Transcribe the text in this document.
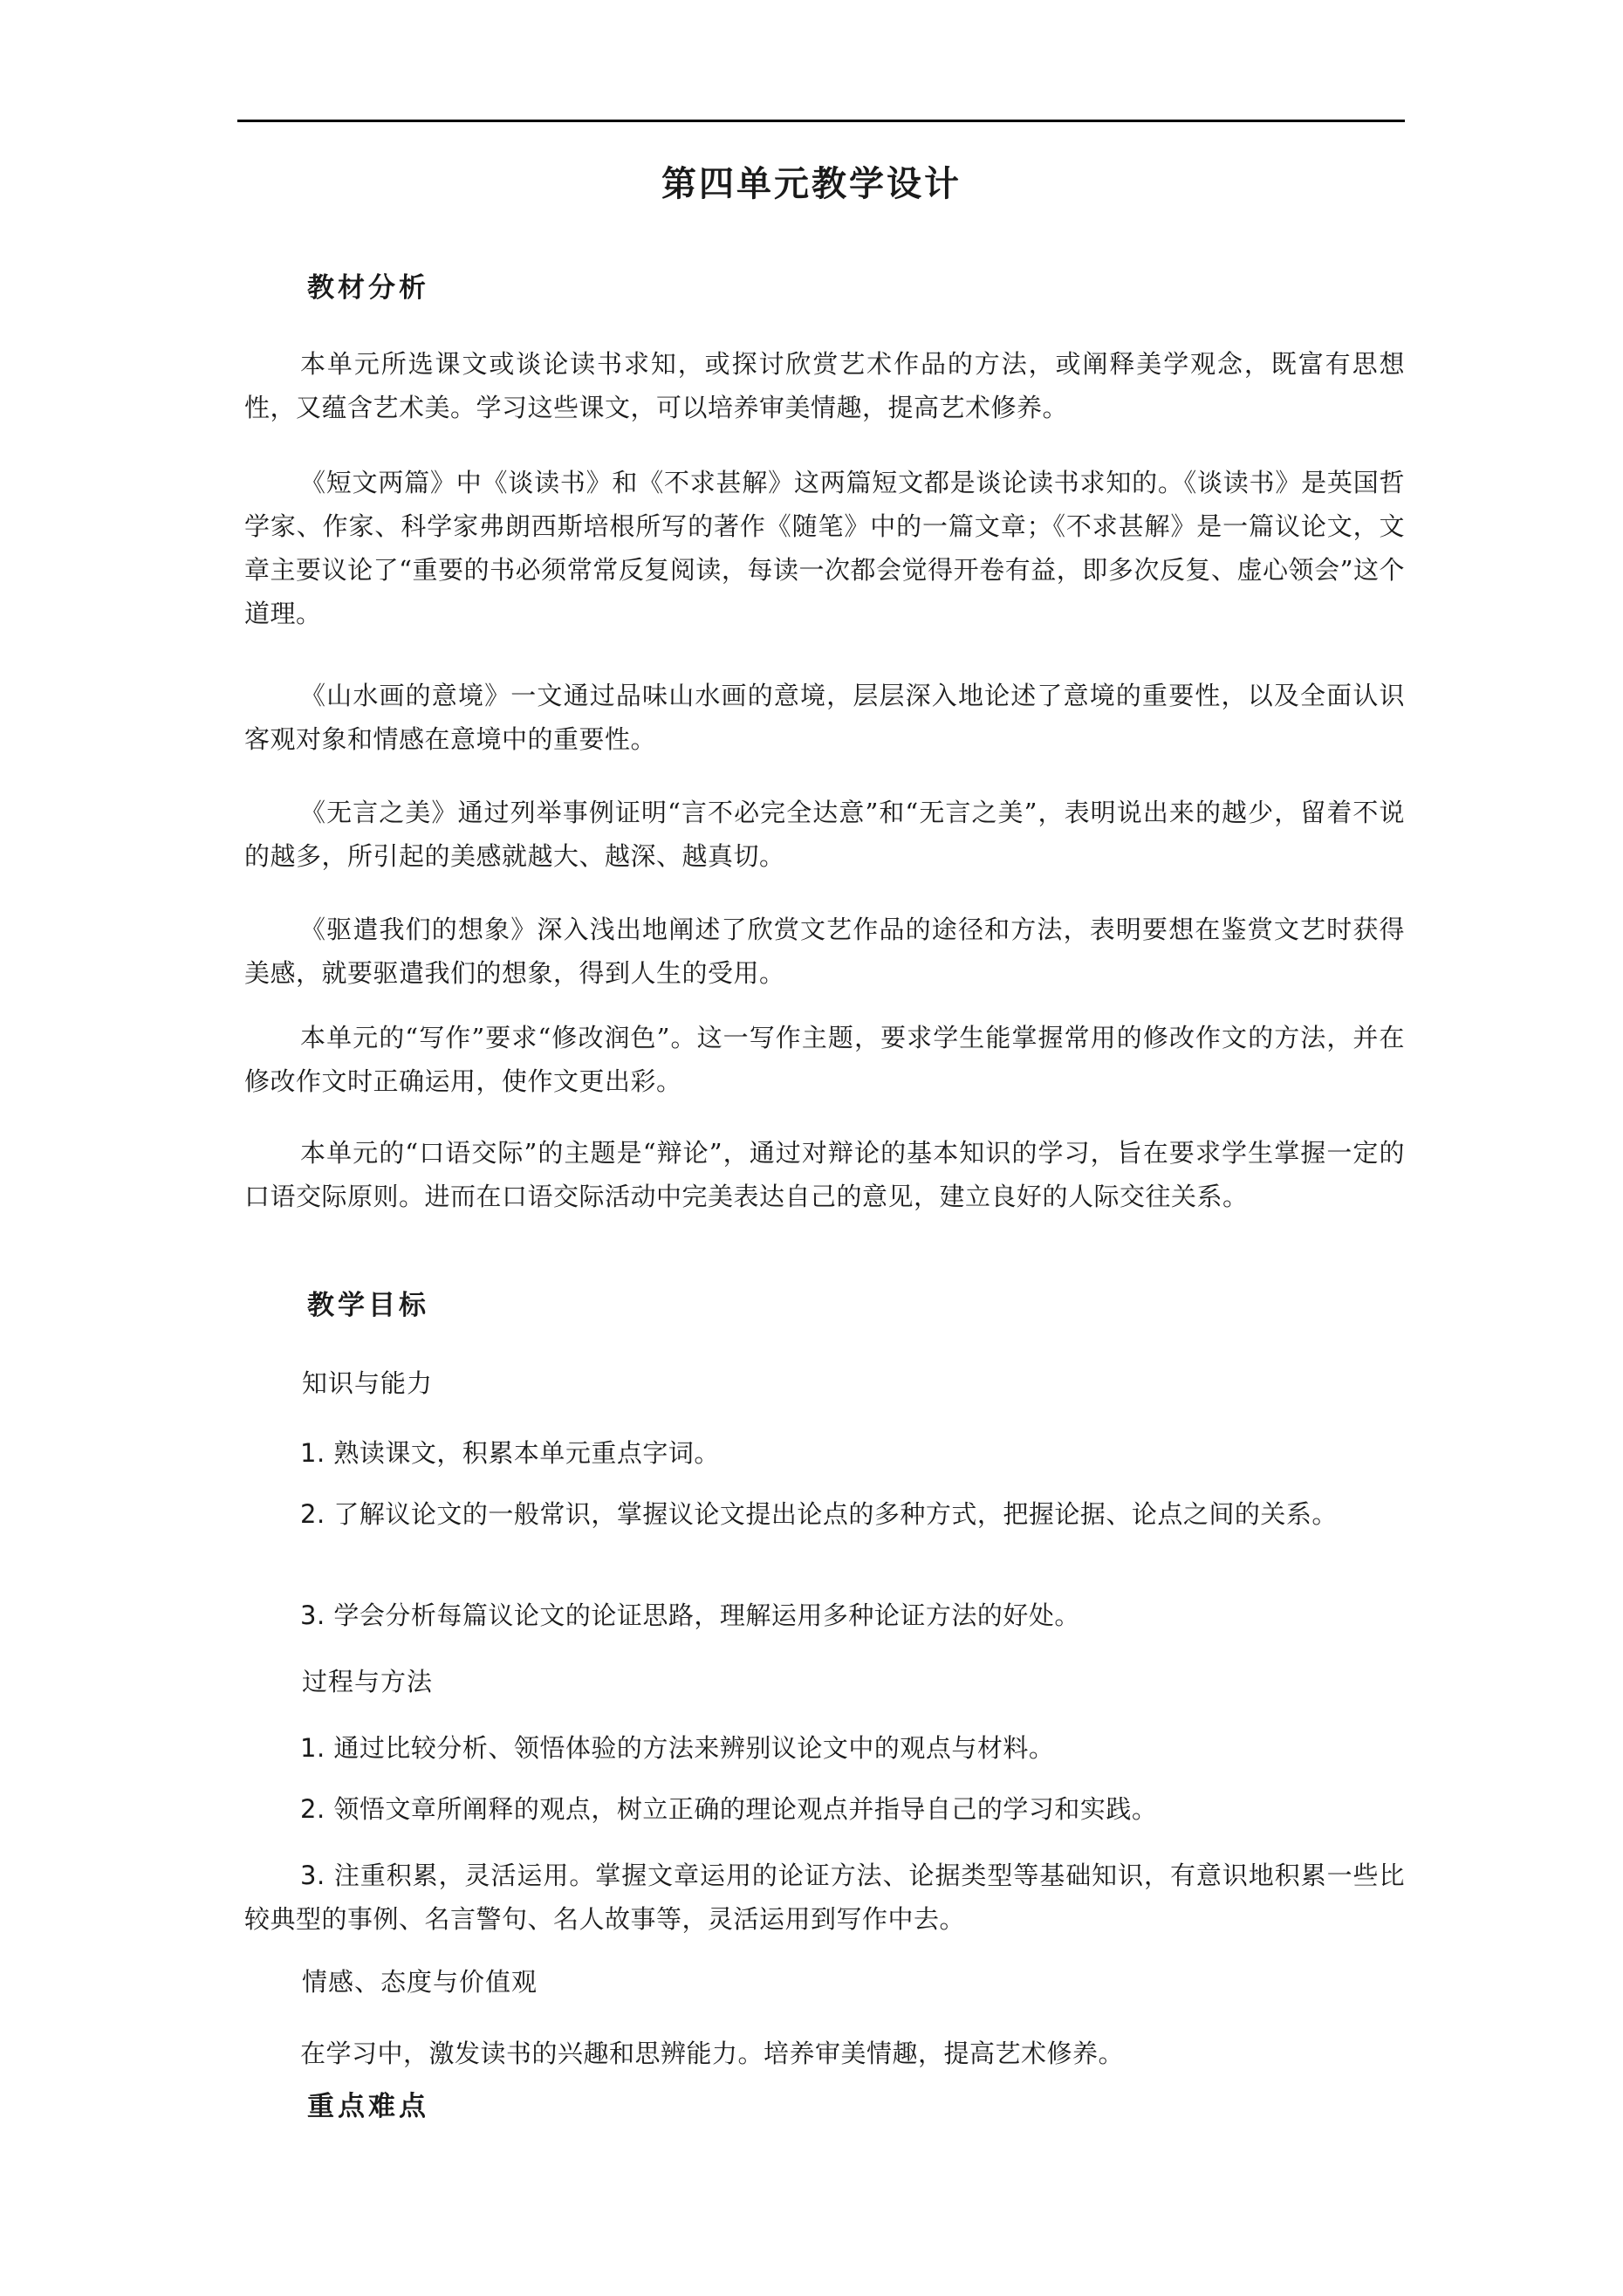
第四单元教学设计
教材分析

本单元所选课文或谈论读书求知，或探讨欣赏艺术作品的方法，或阐释美学观念，既富有思想性，又蕴含艺术美。学习这些课文，可以培养审美情趣，提高艺术修养。

《短文两篇》中《谈读书》和《不求甚解》这两篇短文都是谈论读书求知的。《谈读书》是英国哲学家、作家、科学家弗朗西斯培根所写的著作《随笔》中的一篇文章；《不求甚解》是一篇议论文，文章主要议论了“重要的书必须常常反复阅读，每读一次都会觉得开卷有益，即多次反复、虚心领会”这个道理。

《山水画的意境》一文通过品味山水画的意境，层层深入地论述了意境的重要性，以及全面认识客观对象和情感在意境中的重要性。

《无言之美》通过列举事例证明“言不必完全达意”和“无言之美”，表明说出来的越少，留着不说的越多，所引起的美感就越大、越深、越真切。

《驱遣我们的想象》深入浅出地阐述了欣赏文艺作品的途径和方法，表明要想在鉴赏文艺时获得美感，就要驱遣我们的想象，得到人生的受用。

本单元的“写作”要求“修改润色”。这一写作主题，要求学生能掌握常用的修改作文的方法，并在修改作文时正确运用，使作文更出彩。

本单元的“口语交际”的主题是“辩论”，通过对辩论的基本知识的学习，旨在要求学生掌握一定的口语交际原则。进而在口语交际活动中完美表达自己的意见，建立良好的人际交往关系。

教学目标
知识与能力

1. 熟读课文，积累本单元重点字词。

2. 了解议论文的一般常识，掌握议论文提出论点的多种方式，把握论据、论点之间的关系。

3. 学会分析每篇议论文的论证思路，理解运用多种论证方法的好处。

过程与方法

1. 通过比较分析、领悟体验的方法来辨别议论文中的观点与材料。

2. 领悟文章所阐释的观点，树立正确的理论观点并指导自己的学习和实践。

3. 注重积累，灵活运用。掌握文章运用的论证方法、论据类型等基础知识，有意识地积累一些比较典型的事例、名言警句、名人故事等，灵活运用到写作中去。

情感、态度与价值观

在学习中，激发读书的兴趣和思辨能力。培养审美情趣，提高艺术修养。

重点难点
